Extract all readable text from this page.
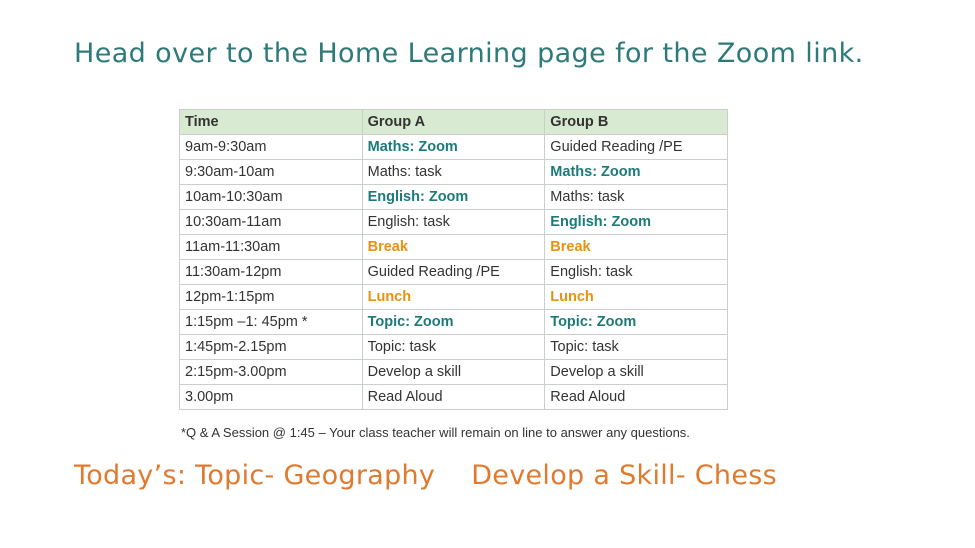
Head over to the Home Learning page for the Zoom link.
Time	Group A	Group B
9am-9:30am	Maths: Zoom	Guided Reading /PE
9:30am-10am	Maths: task	Maths: Zoom
10am-10:30am	English: Zoom	Maths: task
10:30am-11am	English: task	English: Zoom
11am-11:30am	Break	Break
11:30am-12pm	Guided Reading /PE	English: task
12pm-1:15pm	Lunch	Lunch
1:15pm –1: 45pm *	Topic: Zoom	Topic: Zoom
1:45pm-2.15pm	Topic: task	Topic: task
2:15pm-3.00pm	Develop a skill	Develop a skill
3.00pm	Read Aloud	Read Aloud
*Q & A Session @ 1:45 – Your class teacher will remain on line to answer any questions.
Today’s: Topic- Geography Develop a Skill- Chess
